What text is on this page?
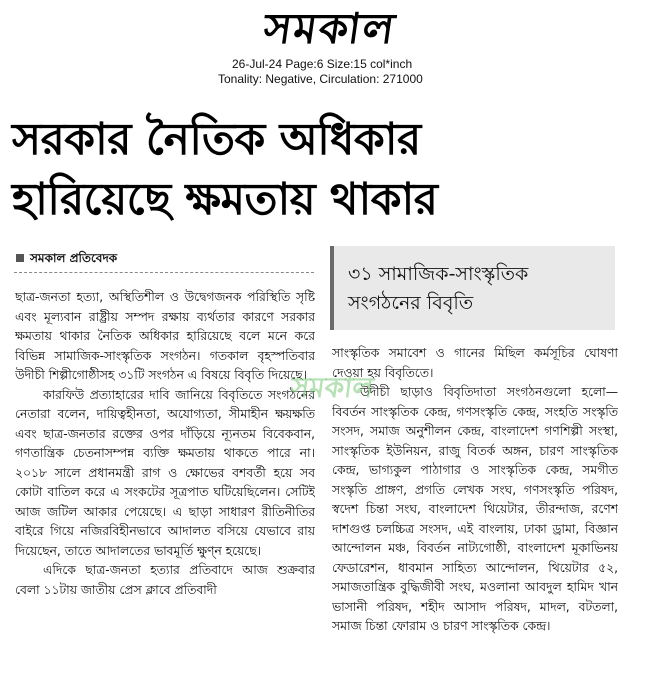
সমকাল
26-Jul-24 Page:6 Size:15 col*inch
Tonality: Negative, Circulation: 271000
সরকার নৈতিক অধিকার
হারিয়েছে ক্ষমতায় থাকার
সমকাল প্রতিবেদক

ছাত্র-জনতা হত্যা, অস্থিতিশীল ও উদ্বেগজনক পরিস্থিতি সৃষ্টি এবং মূল্যবান রাষ্ট্রীয় সম্পদ রক্ষায় ব্যর্থতার কারণে সরকার ক্ষমতায় থাকার নৈতিক অধিকার হারিয়েছে বলে মনে করে বিভিন্ন সামাজিক-সাংস্কৃতিক সংগঠন। গতকাল বৃহস্পতিবার উদীচী শিল্পীগোষ্ঠীসহ ৩১টি সংগঠন এ বিষয়ে বিবৃতি দিয়েছে।

কারফিউ প্রত্যাহারের দাবি জানিয়ে বিবৃতিতে সংগঠনের নেতারা বলেন, দায়িত্বহীনতা, অযোগ্যতা, সীমাহীন ক্ষয়ক্ষতি এবং ছাত্র-জনতার রক্তের ওপর দাঁড়িয়ে ন্যূনতম বিবেকবান, গণতান্ত্রিক চেতনাসম্পন্ন ব্যক্তি ক্ষমতায় থাকতে পারে না। ২০১৮ সালে প্রধানমন্ত্রী রাগ ও ক্ষোভের বশবর্তী হয়ে সব কোটা বাতিল করে এ সংকটের সূত্রপাত ঘটিয়েছিলেন। সেটিই আজ জটিল আকার পেয়েছে। এ ছাড়া সাধারণ রীতিনীতির বাইরে গিয়ে নজিরবিহীনভাবে আদালত বসিয়ে যেভাবে রায় দিয়েছেন, তাতে আদালতের ভাবমূর্তি ক্ষুণ্ন হয়েছে।

এদিকে ছাত্র-জনতা হত্যার প্রতিবাদে আজ শুক্রবার বেলা ১১টায় জাতীয় প্রেস ক্লাবে প্রতিবাদী

৩১ সামাজিক-সাংস্কৃতিক
সংগঠনের বিবৃতি

সাংস্কৃতিক সমাবেশ ও গানের মিছিল কর্মসূচির ঘোষণা দেওয়া হয় বিবৃতিতে।

উদীচী ছাড়াও বিবৃতিদাতা সংগঠনগুলো হলো— বিবর্তন সাংস্কৃতিক কেন্দ্র, গণসংস্কৃতি কেন্দ্র, সংহতি সংস্কৃতি সংসদ, সমাজ অনুশীলন কেন্দ্র, বাংলাদেশ গণশিল্পী সংস্থা, সাংস্কৃতিক ইউনিয়ন, রাজু বিতর্ক অঙ্গন, চারণ সাংস্কৃতিক কেন্দ্র, ভাগ্যকুল পাঠাগার ও সাংস্কৃতিক কেন্দ্র, সমগীত সংস্কৃতি প্রাঙ্গণ, প্রগতি লেখক সংঘ, গণসংস্কৃতি পরিষদ, স্বদেশ চিন্তা সংঘ, বাংলাদেশ থিয়েটার, তীরন্দাজ, রণেশ দাশগুপ্ত চলচ্চিত্র সংসদ, এই বাংলায়, ঢাকা ড্রামা, বিজ্ঞান আন্দোলন মঞ্চ, বিবর্তন নাট্যগোষ্ঠী, বাংলাদেশ মূকাভিনয় ফেডারেশন, ধাবমান সাহিত্য আন্দোলন, থিয়েটার ৫২, সমাজতান্ত্রিক বুদ্ধিজীবী সংঘ, মওলানা আবদুল হামিদ খান ভাসানী পরিষদ, শহীদ আসাদ পরিষদ, মাদল, বটতলা, সমাজ চিন্তা ফোরাম ও চারণ সাংস্কৃতিক কেন্দ্র।

সমকাল
